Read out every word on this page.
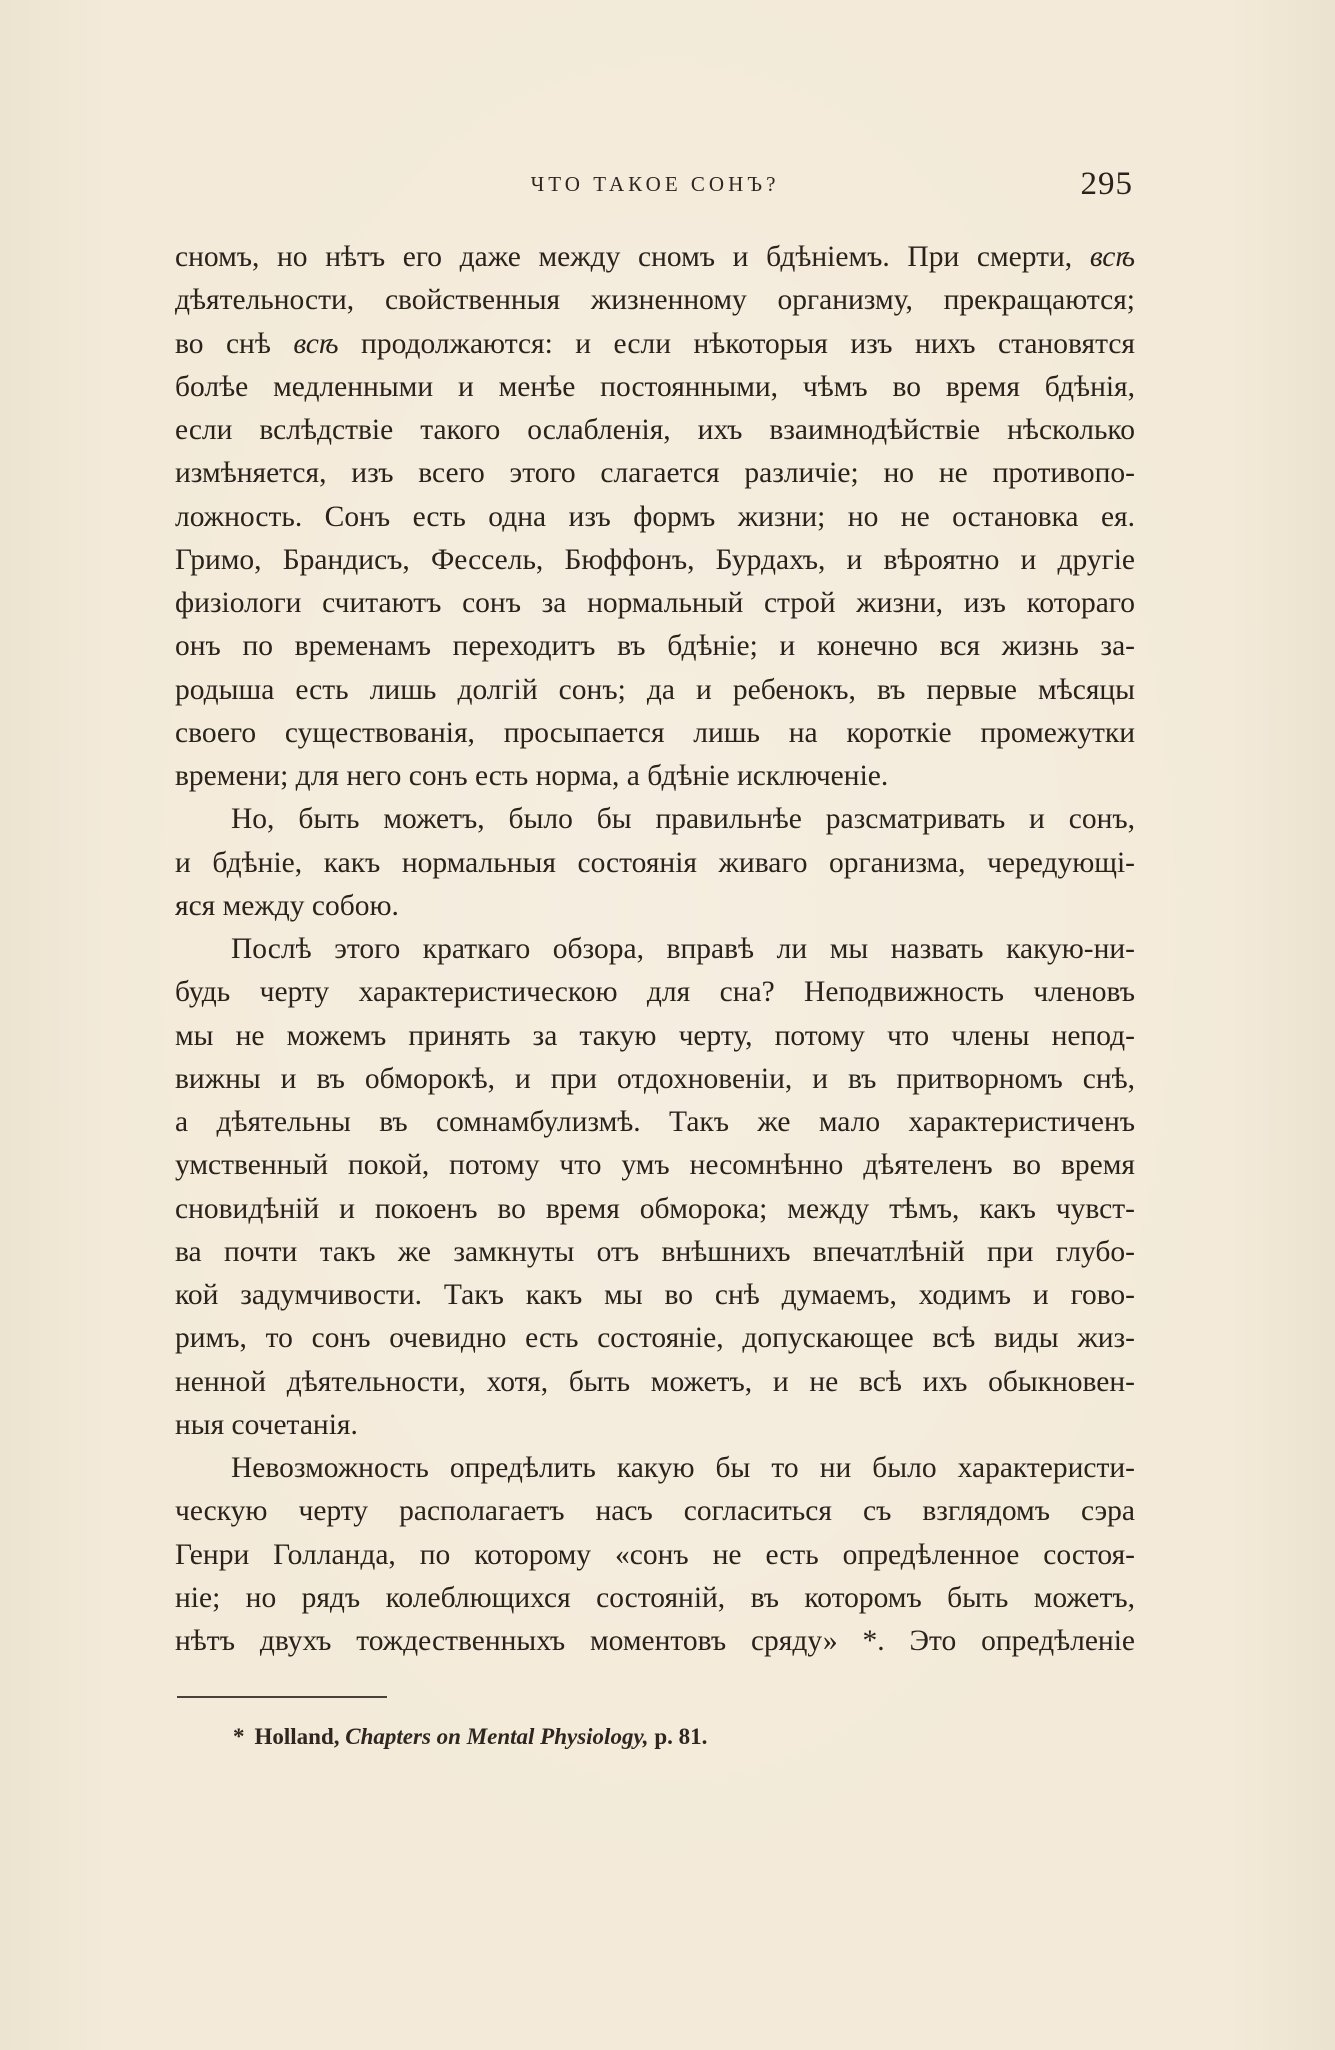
ЧТО ТАКОЕ СОНЪ?	295
сномъ, но нѣтъ его даже между сномъ и бдѣніемъ. При смерти, всѣ
дѣятельности, свойственныя жизненному организму, прекращаются;
во снѣ всѣ продолжаются: и если нѣкоторыя изъ нихъ становятся
болѣе медленными и менѣе постоянными, чѣмъ во время бдѣнія,
если вслѣдствіе такого ослабленія, ихъ взаимнодѣйствіе нѣсколько
измѣняется, изъ всего этого слагается различіе; но не противопо-
ложность. Сонъ есть одна изъ формъ жизни; но не остановка ея.
Гримо, Брандисъ, Фессель, Бюффонъ, Бурдахъ, и вѣроятно и другіе
физіологи считаютъ сонъ за нормальный строй жизни, изъ котораго
онъ по временамъ переходитъ въ бдѣніе; и конечно вся жизнь за-
родыша есть лишь долгій сонъ; да и ребенокъ, въ первые мѣсяцы
своего существованія, просыпается лишь на короткіе промежутки
времени; для него сонъ есть норма, а бдѣніе исключеніе.
Но, быть можетъ, было бы правильнѣе разсматривать и сонъ,
и бдѣніе, какъ нормальныя состоянія живаго организма, чередующі-
яся между собою.
Послѣ этого краткаго обзора, вправѣ ли мы назвать какую-ни-
будь черту характеристическою для сна? Неподвижность членовъ
мы не можемъ принять за такую черту, потому что члены непод-
вижны и въ обморокѣ, и при отдохновеніи, и въ притворномъ снѣ,
а дѣятельны въ сомнамбулизмѣ. Такъ же мало характеристиченъ
умственный покой, потому что умъ несомнѣнно дѣятеленъ во время
сновидѣній и покоенъ во время обморока; между тѣмъ, какъ чувст-
ва почти такъ же замкнуты отъ внѣшнихъ впечатлѣній при глубо-
кой задумчивости. Такъ какъ мы во снѣ думаемъ, ходимъ и гово-
римъ, то сонъ очевидно есть состояніе, допускающее всѣ виды жиз-
ненной дѣятельности, хотя, быть можетъ, и не всѣ ихъ обыкновен-
ныя сочетанія.
Невозможность опредѣлить какую бы то ни было характеристи-
ческую черту располагаетъ насъ согласиться съ взглядомъ сэра
Генри Голланда, по которому «сонъ не есть опредѣленное состоя-
ніе; но рядъ колеблющихся состояній, въ которомъ быть можетъ,
нѣтъ двухъ тождественныхъ моментовъ сряду» *. Это опредѣленіе
* Holland, Chapters on Mental Physiology, p. 81.
